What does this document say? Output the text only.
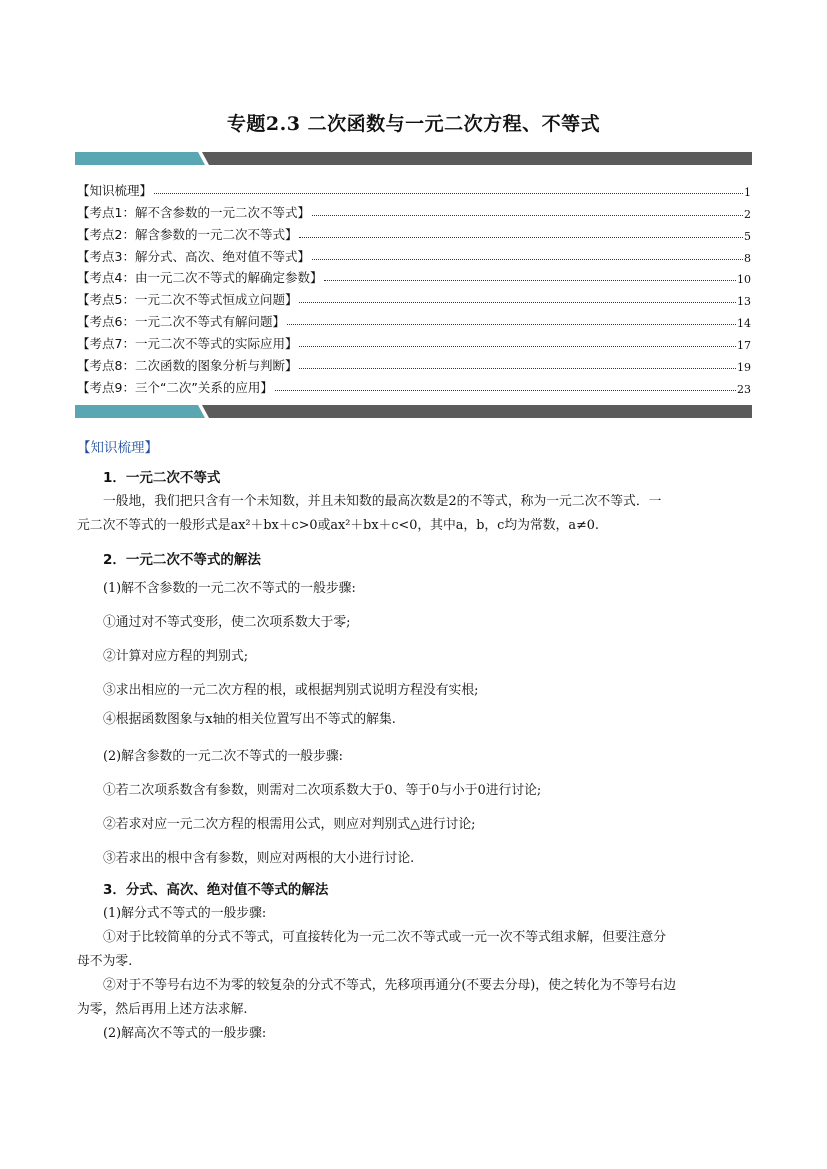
专题2.3 二次函数与一元二次方程、不等式
【知识梳理】	1
【考点1：解不含参数的一元二次不等式】	2
【考点2：解含参数的一元二次不等式】	5
【考点3：解分式、高次、绝对值不等式】	8
【考点4：由一元二次不等式的解确定参数】	10
【考点5：一元二次不等式恒成立问题】	13
【考点6：一元二次不等式有解问题】	14
【考点7：一元二次不等式的实际应用】	17
【考点8：二次函数的图象分析与判断】	19
【考点9：三个“二次”关系的应用】	23
【知识梳理】
1．一元二次不等式

一般地，我们把只含有一个未知数，并且未知数的最高次数是2的不等式，称为一元二次不等式．一

元二次不等式的一般形式是ax²＋bx＋c>0或ax²＋bx＋c<0，其中a，b，c均为常数，a≠0.

2．一元二次不等式的解法

(1)解不含参数的一元二次不等式的一般步骤:

①通过对不等式变形，使二次项系数大于零;

②计算对应方程的判别式;

③求出相应的一元二次方程的根，或根据判别式说明方程没有实根;

④根据函数图象与x轴的相关位置写出不等式的解集.

(2)解含参数的一元二次不等式的一般步骤:

①若二次项系数含有参数，则需对二次项系数大于0、等于0与小于0进行讨论;

②若求对应一元二次方程的根需用公式，则应对判别式△进行讨论;

③若求出的根中含有参数，则应对两根的大小进行讨论.

3．分式、高次、绝对值不等式的解法

(1)解分式不等式的一般步骤:

①对于比较简单的分式不等式，可直接转化为一元二次不等式或一元一次不等式组求解，但要注意分

母不为零.

②对于不等号右边不为零的较复杂的分式不等式，先移项再通分(不要去分母)，使之转化为不等号右边

为零，然后再用上述方法求解.

(2)解高次不等式的一般步骤:
